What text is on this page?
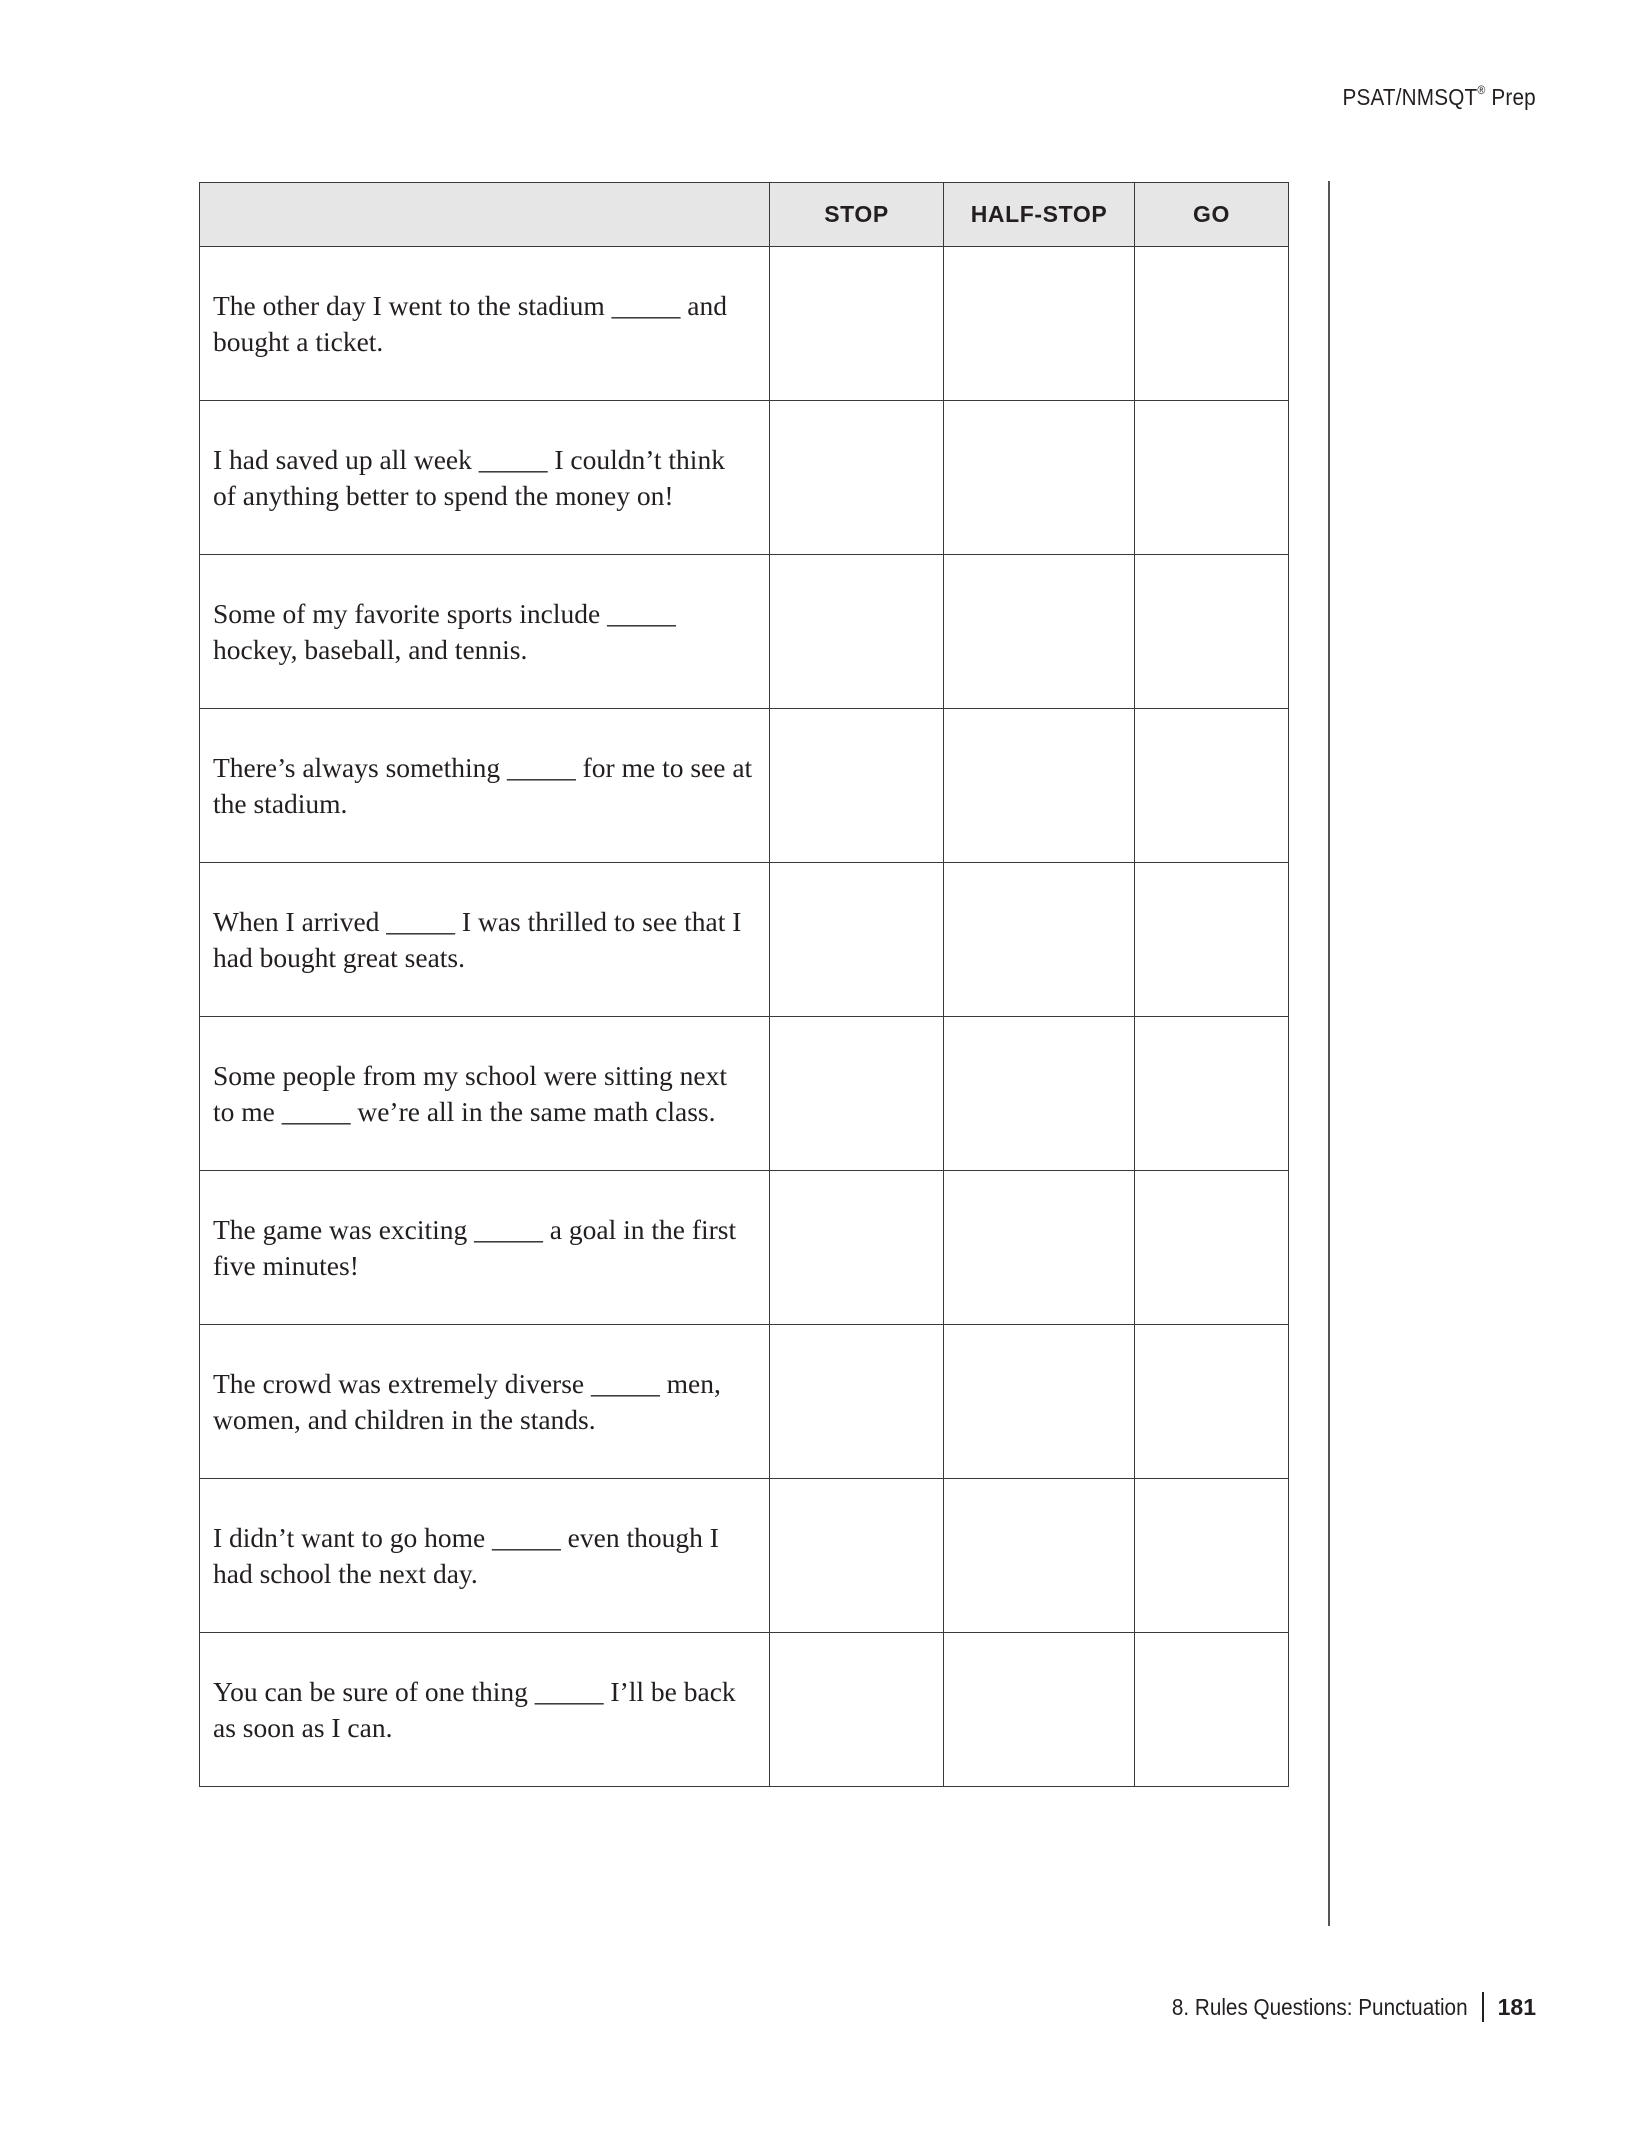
PSAT/NMSQT® Prep
	STOP	HALF-STOP	GO
The other day I went to the stadium _____ and bought a ticket.			
I had saved up all week _____ I couldn’t think of anything better to spend the money on!			
Some of my favorite sports include _____ hockey, baseball, and tennis.			
There’s always something _____ for me to see at the stadium.			
When I arrived _____ I was thrilled to see that I had bought great seats.			
Some people from my school were sitting next to me _____ we’re all in the same math class.			
The game was exciting _____ a goal in the first five minutes!			
The crowd was extremely diverse _____ men, women, and children in the stands.			
I didn’t want to go home _____ even though I had school the next day.			
You can be sure of one thing _____ I’ll be back as soon as I can.			
8. Rules Questions: Punctuation 181
